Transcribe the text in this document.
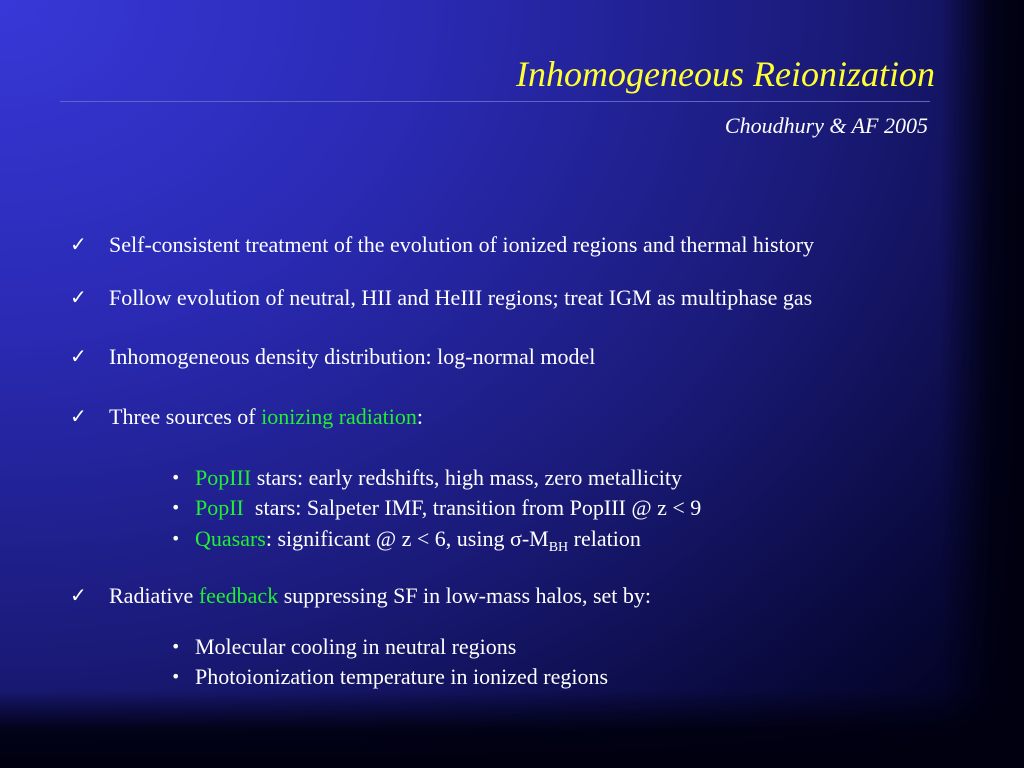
Inhomogeneous Reionization
Choudhury & AF 2005
✓ Self-consistent treatment of the evolution of ionized regions and thermal history
✓ Follow evolution of neutral, HII and HeIII regions; treat IGM as multiphase gas
✓ Inhomogeneous density distribution: log-normal model
✓ Three sources of ionizing radiation:
• PopIII stars: early redshifts, high mass, zero metallicity
• PopII  stars: Salpeter IMF, transition from PopIII @ z < 9
• Quasars: significant @ z < 6, using $\sigma-M_{BH}$ relation
✓ Radiative feedback suppressing SF in low-mass halos, set by:
• Molecular cooling in neutral regions
• Photoionization temperature in ionized regions
